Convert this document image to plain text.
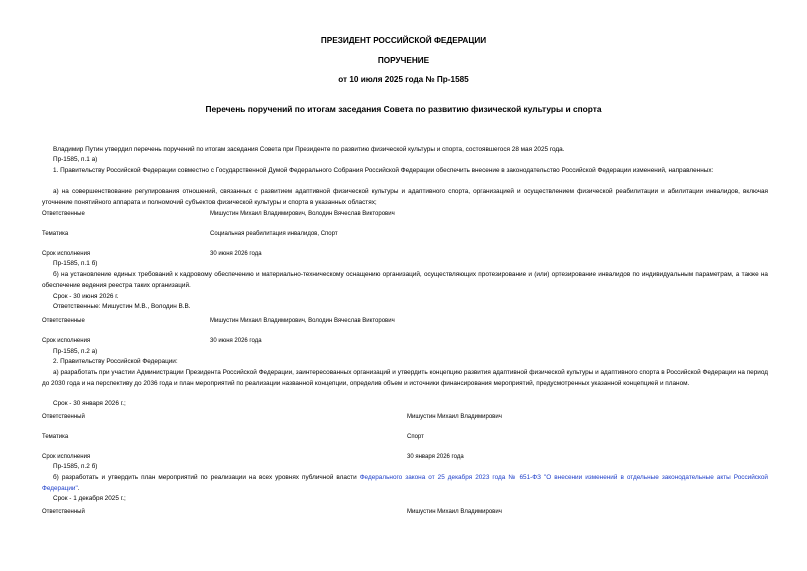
ПРЕЗИДЕНТ РОССИЙСКОЙ ФЕДЕРАЦИИ
ПОРУЧЕНИЕ
от 10 июля 2025 года № Пр-1585
Перечень поручений по итогам заседания Совета по развитию физической культуры и спорта
Владимир Путин утвердил перечень поручений по итогам заседания Совета при Президенте по развитию физической культуры и спорта, состоявшегося 28 мая 2025 года.
Пр-1585, п.1 а)
1. Правительству Российской Федерации совместно с Государственной Думой Федерального Собрания Российской Федерации обеспечить внесение в законодательство Российской Федерации изменений, направленных:
а) на совершенствование регулирования отношений, связанных с развитием адаптивной физической культуры и адаптивного спорта, организацией и осуществлением физической реабилитации и абилитации инвалидов, включая уточнение понятийного аппарата и полномочий субъектов физической культуры и спорта в указанных областях;
Ответственные	Мишустин Михаил Владимирович, Володин Вячеслав Викторович
Тематика	Социальная реабилитация инвалидов, Спорт
Срок исполнения	30 июня 2026 года
Пр-1585, п.1 б)
б) на установление единых требований к кадровому обеспечению и материально-техническому оснащению организаций, осуществляющих протезирование и (или) ортезирование инвалидов по индивидуальным параметрам, а также на обеспечение ведения реестра таких организаций.
Срок - 30 июня 2026 г.
Ответственные: Мишустин М.В., Володин В.В.
Ответственные	Мишустин Михаил Владимирович, Володин Вячеслав Викторович
Срок исполнения	30 июня 2026 года
Пр-1585, п.2 а)
2. Правительству Российской Федерации:
а) разработать при участии Администрации Президента Российской Федерации, заинтересованных организаций и утвердить концепцию развития адаптивной физической культуры и адаптивного спорта в Российской Федерации на период до 2030 года и на перспективу до 2036 года и план мероприятий по реализации названной концепции, определив объем и источники финансирования мероприятий, предусмотренных указанной концепцией и планом.
Срок - 30 января 2026 г.;
Ответственный	Мишустин Михаил Владимирович
Тематика	Спорт
Срок исполнения	30 января 2026 года
Пр-1585, п.2 б)
б) разработать и утвердить план мероприятий по реализации на всех уровнях публичной власти Федерального закона от 25 декабря 2023 года № 651-ФЗ "О внесении изменений в отдельные законодательные акты Российской Федерации".
Срок - 1 декабря 2025 г.;
Ответственный	Мишустин Михаил Владимирович
